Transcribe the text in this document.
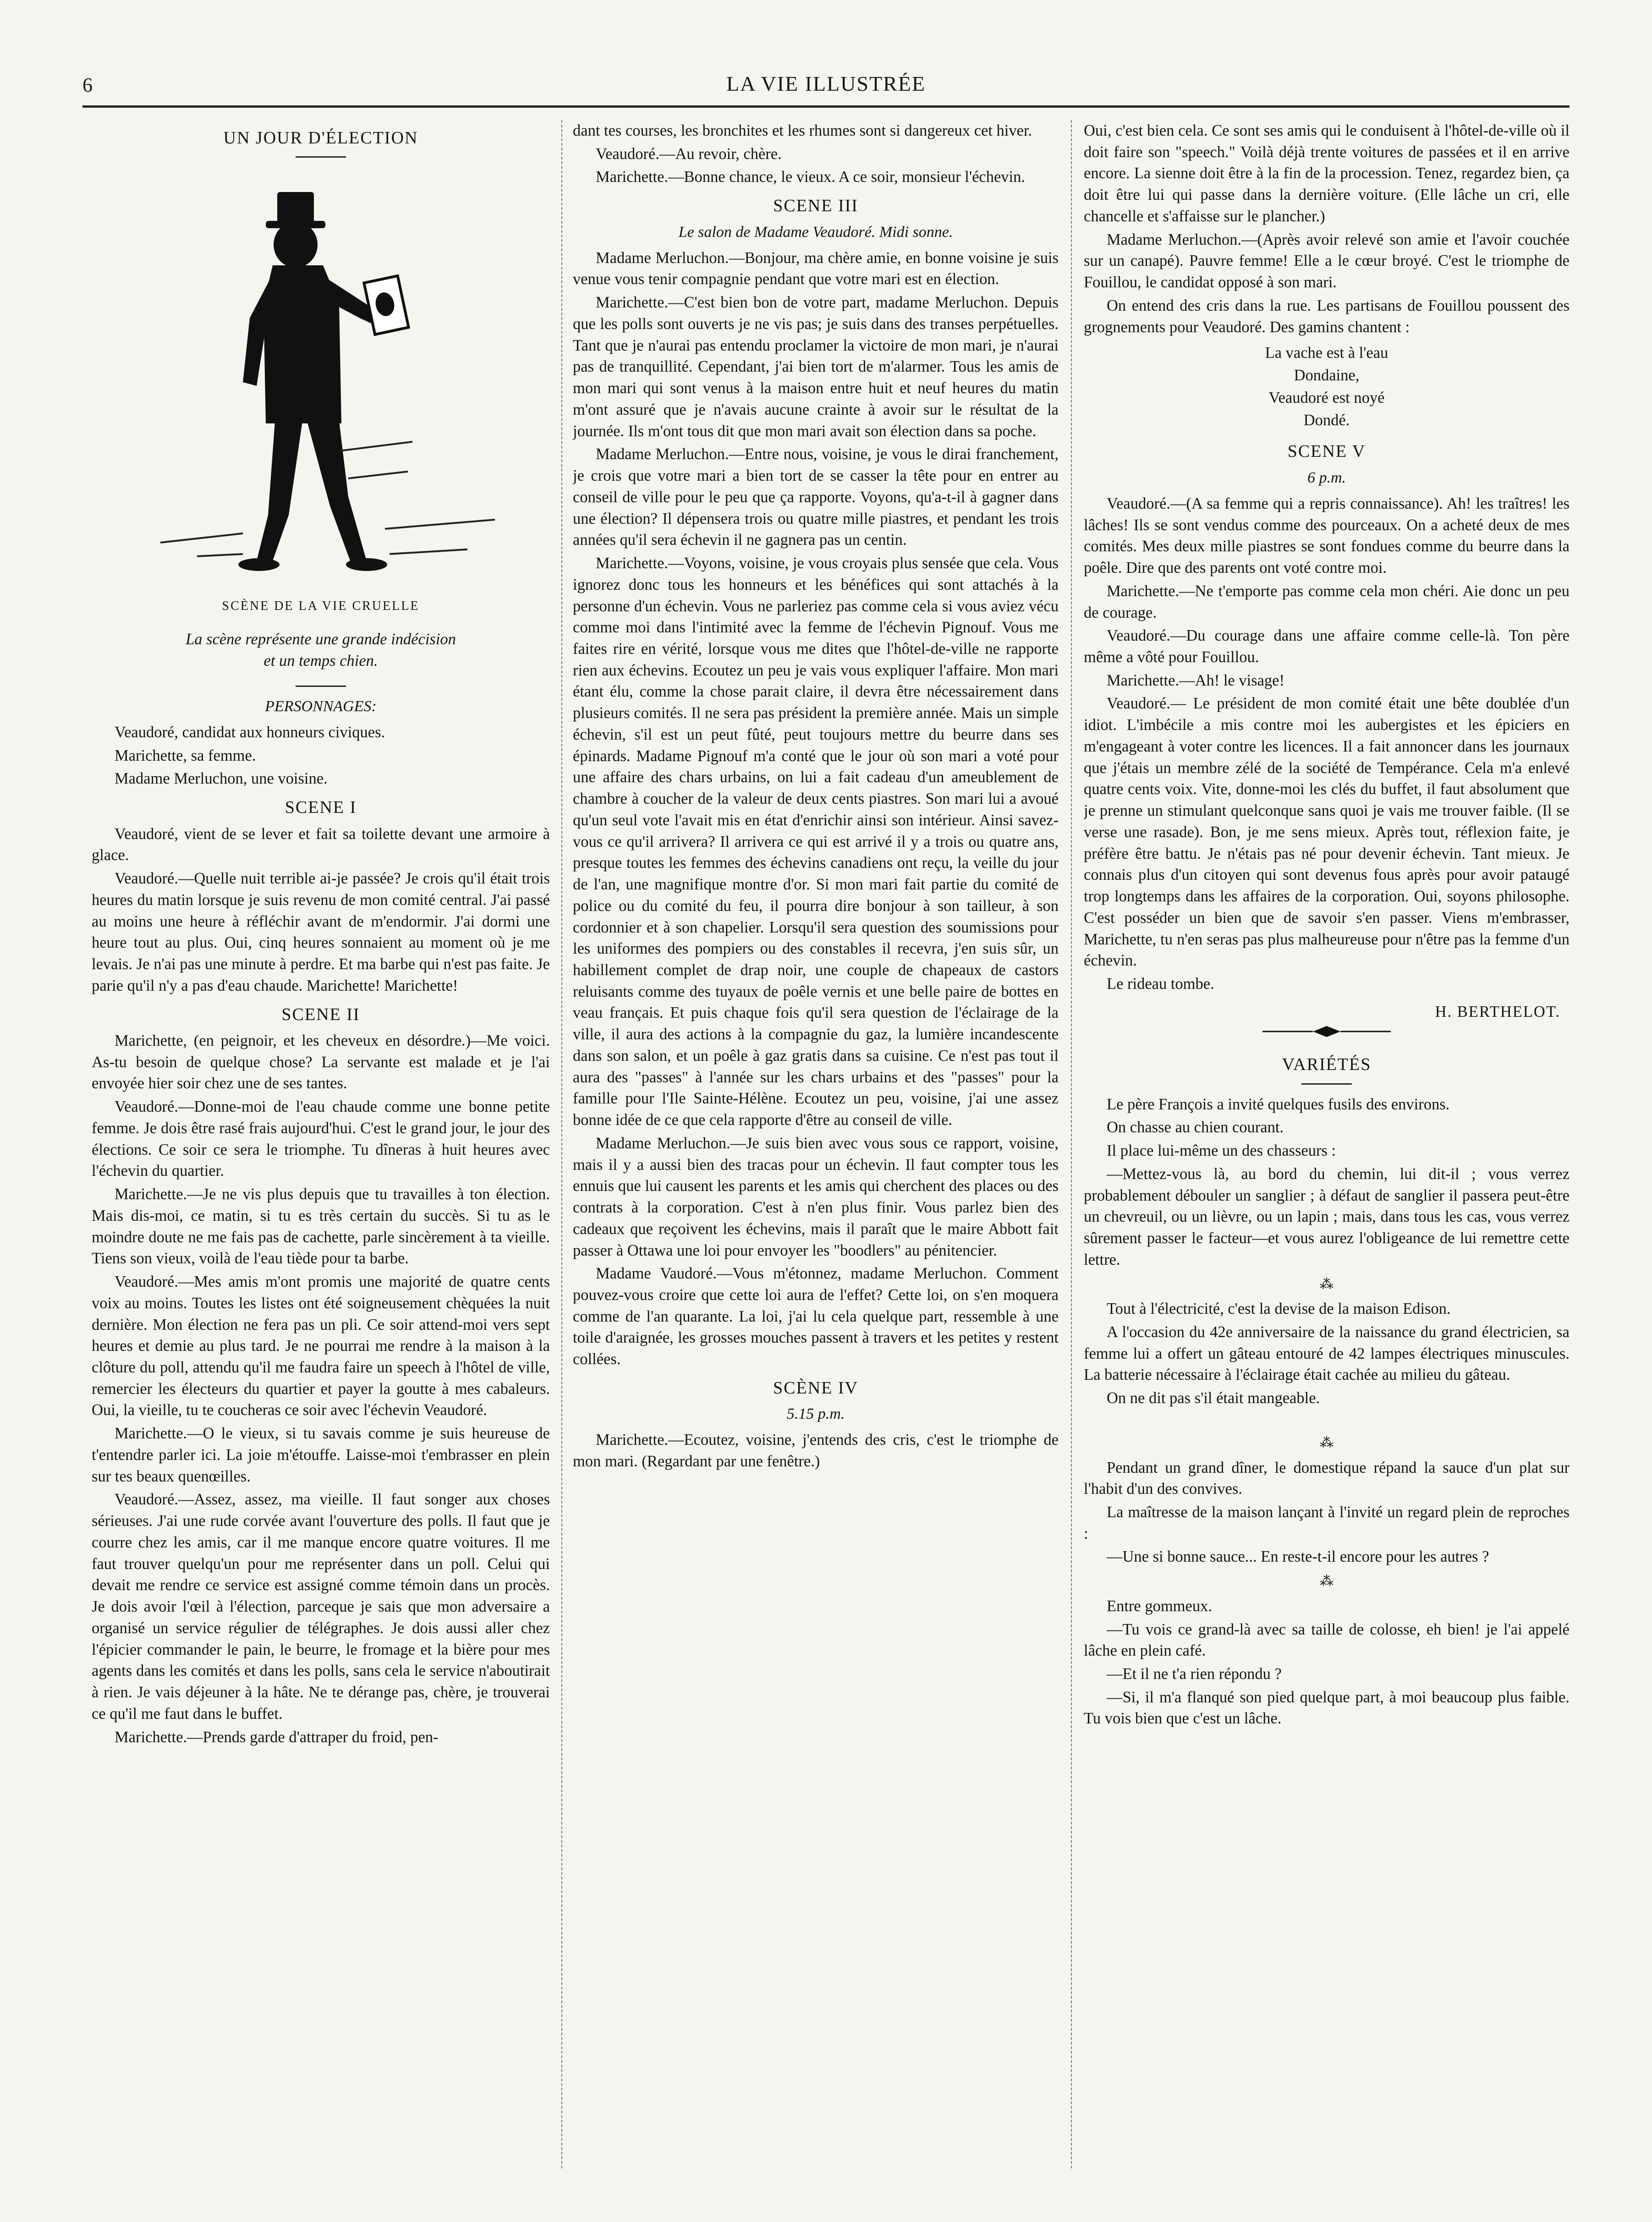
6	LA VIE ILLUSTRÉE
UN JOUR D'ÉLECTION
SCÈNE DE LA VIE CRUELLE
La scène représente une grande indécision
et un temps chien.
PERSONNAGES:

Veaudoré, candidat aux honneurs civiques.

Marichette, sa femme.

Madame Merluchon, une voisine.

SCENE I

Veaudoré, vient de se lever et fait sa toilette devant une armoire à glace.

Veaudoré.—Quelle nuit terrible ai-je passée? Je crois qu'il était trois heures du matin lorsque je suis revenu de mon comité central. J'ai passé au moins une heure à réfléchir avant de m'endormir. J'ai dormi une heure tout au plus. Oui, cinq heures sonnaient au moment où je me levais. Je n'ai pas une minute à perdre. Et ma barbe qui n'est pas faite. Je parie qu'il n'y a pas d'eau chaude. Marichette! Marichette!

SCENE II

Marichette, (en peignoir, et les cheveux en désordre.)—Me voici. As-tu besoin de quelque chose? La servante est malade et je l'ai envoyée hier soir chez une de ses tantes.

Veaudoré.—Donne-moi de l'eau chaude comme une bonne petite femme. Je dois être rasé frais aujourd'hui. C'est le grand jour, le jour des élections. Ce soir ce sera le triomphe. Tu dîneras à huit heures avec l'échevin du quartier.

Marichette.—Je ne vis plus depuis que tu travailles à ton élection. Mais dis-moi, ce matin, si tu es très certain du succès. Si tu as le moindre doute ne me fais pas de cachette, parle sincèrement à ta vieille. Tiens son vieux, voilà de l'eau tiède pour ta barbe.

Veaudoré.—Mes amis m'ont promis une majorité de quatre cents voix au moins. Toutes les listes ont été soigneusement chèquées la nuit dernière. Mon élection ne fera pas un pli. Ce soir attend-moi vers sept heures et demie au plus tard. Je ne pourrai me rendre à la maison à la clôture du poll, attendu qu'il me faudra faire un speech à l'hôtel de ville, remercier les électeurs du quartier et payer la goutte à mes cabaleurs. Oui, la vieille, tu te coucheras ce soir avec l'échevin Veaudoré.

Marichette.—O le vieux, si tu savais comme je suis heureuse de t'entendre parler ici. La joie m'étouffe. Laisse-moi t'embrasser en plein sur tes beaux quenœilles.

Veaudoré.—Assez, assez, ma vieille. Il faut songer aux choses sérieuses. J'ai une rude corvée avant l'ouverture des polls. Il faut que je courre chez les amis, car il me manque encore quatre voitures. Il me faut trouver quelqu'un pour me représenter dans un poll. Celui qui devait me rendre ce service est assigné comme témoin dans un procès. Je dois avoir l'œil à l'élection, parceque je sais que mon adversaire a organisé un service régulier de télégraphes. Je dois aussi aller chez l'épicier commander le pain, le beurre, le fromage et la bière pour mes agents dans les comités et dans les polls, sans cela le service n'aboutirait à rien. Je vais déjeuner à la hâte. Ne te dérange pas, chère, je trouverai ce qu'il me faut dans le buffet.

Marichette.—Prends garde d'attraper du froid, pen-

dant tes courses, les bronchites et les rhumes sont si dangereux cet hiver.

Veaudoré.—Au revoir, chère.

Marichette.—Bonne chance, le vieux. A ce soir, monsieur l'échevin.

SCENE III
Le salon de Madame Veaudoré. Midi sonne.

Madame Merluchon.—Bonjour, ma chère amie, en bonne voisine je suis venue vous tenir compagnie pendant que votre mari est en élection.

Marichette.—C'est bien bon de votre part, madame Merluchon. Depuis que les polls sont ouverts je ne vis pas; je suis dans des transes perpétuelles. Tant que je n'aurai pas entendu proclamer la victoire de mon mari, je n'aurai pas de tranquillité. Cependant, j'ai bien tort de m'alarmer. Tous les amis de mon mari qui sont venus à la maison entre huit et neuf heures du matin m'ont assuré que je n'avais aucune crainte à avoir sur le résultat de la journée. Ils m'ont tous dit que mon mari avait son élection dans sa poche.

Madame Merluchon.—Entre nous, voisine, je vous le dirai franchement, je crois que votre mari a bien tort de se casser la tête pour en entrer au conseil de ville pour le peu que ça rapporte. Voyons, qu'a-t-il à gagner dans une élection? Il dépensera trois ou quatre mille piastres, et pendant les trois années qu'il sera échevin il ne gagnera pas un centin.

Marichette.—Voyons, voisine, je vous croyais plus sensée que cela. Vous ignorez donc tous les honneurs et les bénéfices qui sont attachés à la personne d'un échevin. Vous ne parleriez pas comme cela si vous aviez vécu comme moi dans l'intimité avec la femme de l'échevin Pignouf. Vous me faites rire en vérité, lorsque vous me dites que l'hôtel-de-ville ne rapporte rien aux échevins. Ecoutez un peu je vais vous expliquer l'affaire. Mon mari étant élu, comme la chose parait claire, il devra être nécessairement dans plusieurs comités. Il ne sera pas président la première année. Mais un simple échevin, s'il est un peut fûté, peut toujours mettre du beurre dans ses épinards. Madame Pignouf m'a conté que le jour où son mari a voté pour une affaire des chars urbains, on lui a fait cadeau d'un ameublement de chambre à coucher de la valeur de deux cents piastres. Son mari lui a avoué qu'un seul vote l'avait mis en état d'enrichir ainsi son intérieur. Ainsi savez-vous ce qu'il arrivera? Il arrivera ce qui est arrivé il y a trois ou quatre ans, presque toutes les femmes des échevins canadiens ont reçu, la veille du jour de l'an, une magnifique montre d'or. Si mon mari fait partie du comité de police ou du comité du feu, il pourra dire bonjour à son tailleur, à son cordonnier et à son chapelier. Lorsqu'il sera question des soumissions pour les uniformes des pompiers ou des constables il recevra, j'en suis sûr, un habillement complet de drap noir, une couple de chapeaux de castors reluisants comme des tuyaux de poêle vernis et une belle paire de bottes en veau français. Et puis chaque fois qu'il sera question de l'éclairage de la ville, il aura des actions à la compagnie du gaz, la lumière incandescente dans son salon, et un poêle à gaz gratis dans sa cuisine. Ce n'est pas tout il aura des "passes" à l'année sur les chars urbains et des "passes" pour la famille pour l'Ile Sainte-Hélène. Ecoutez un peu, voisine, j'ai une assez bonne idée de ce que cela rapporte d'être au conseil de ville.

Madame Merluchon.—Je suis bien avec vous sous ce rapport, voisine, mais il y a aussi bien des tracas pour un échevin. Il faut compter tous les ennuis que lui causent les parents et les amis qui cherchent des places ou des contrats à la corporation. C'est à n'en plus finir. Vous parlez bien des cadeaux que reçoivent les échevins, mais il paraît que le maire Abbott fait passer à Ottawa une loi pour envoyer les "boodlers" au pénitencier.

Madame Vaudoré.—Vous m'étonnez, madame Merluchon. Comment pouvez-vous croire que cette loi aura de l'effet? Cette loi, on s'en moquera comme de l'an quarante. La loi, j'ai lu cela quelque part, ressemble à une toile d'araignée, les grosses mouches passent à travers et les petites y restent collées.

SCÈNE IV
5.15 p.m.

Marichette.—Ecoutez, voisine, j'entends des cris, c'est le triomphe de mon mari. (Regardant par une fenêtre.)

Oui, c'est bien cela. Ce sont ses amis qui le conduisent à l'hôtel-de-ville où il doit faire son "speech." Voilà déjà trente voitures de passées et il en arrive encore. La sienne doit être à la fin de la procession. Tenez, regardez bien, ça doit être lui qui passe dans la dernière voiture. (Elle lâche un cri, elle chancelle et s'affaisse sur le plancher.)

Madame Merluchon.—(Après avoir relevé son amie et l'avoir couchée sur un canapé). Pauvre femme! Elle a le cœur broyé. C'est le triomphe de Fouillou, le candidat opposé à son mari.

On entend des cris dans la rue. Les partisans de Fouillou poussent des grognements pour Veaudoré. Des gamins chantent :

La vache est à l'eau
Dondaine,
Veaudoré est noyé
Dondé.
SCENE V
6 p.m.

Veaudoré.—(A sa femme qui a repris connaissance). Ah! les traîtres! les lâches! Ils se sont vendus comme des pourceaux. On a acheté deux de mes comités. Mes deux mille piastres se sont fondues comme du beurre dans la poêle. Dire que des parents ont voté contre moi.

Marichette.—Ne t'emporte pas comme cela mon chéri. Aie donc un peu de courage.

Veaudoré.—Du courage dans une affaire comme celle-là. Ton père même a vôté pour Fouillou.

Marichette.—Ah! le visage!

Veaudoré.— Le président de mon comité était une bête doublée d'un idiot. L'imbécile a mis contre moi les aubergistes et les épiciers en m'engageant à voter contre les licences. Il a fait annoncer dans les journaux que j'étais un membre zélé de la société de Tempérance. Cela m'a enlevé quatre cents voix. Vite, donne-moi les clés du buffet, il faut absolument que je prenne un stimulant quelconque sans quoi je vais me trouver faible. (Il se verse une rasade). Bon, je me sens mieux. Après tout, réflexion faite, je préfère être battu. Je n'étais pas né pour devenir échevin. Tant mieux. Je connais plus d'un citoyen qui sont devenus fous après pour avoir pataugé trop longtemps dans les affaires de la corporation. Oui, soyons philosophe. C'est posséder un bien que de savoir s'en passer. Viens m'embrasser, Marichette, tu n'en seras pas plus malheureuse pour n'être pas la femme d'un échevin.

Le rideau tombe.

H. BERTHELOT.
VARIÉTÉS

Le père François a invité quelques fusils des environs.

On chasse au chien courant.

Il place lui-même un des chasseurs :

—Mettez-vous là, au bord du chemin, lui dit-il ; vous verrez probablement débouler un sanglier ; à défaut de sanglier il passera peut-être un chevreuil, ou un lièvre, ou un lapin ; mais, dans tous les cas, vous verrez sûrement passer le facteur—et vous aurez l'obligeance de lui remettre cette lettre.

⁂

Tout à l'électricité, c'est la devise de la maison Edison.

A l'occasion du 42e anniversaire de la naissance du grand électricien, sa femme lui a offert un gâteau entouré de 42 lampes électriques minuscules. La batterie nécessaire à l'éclairage était cachée au milieu du gâteau.

On ne dit pas s'il était mangeable.

⁂

Pendant un grand dîner, le domestique répand la sauce d'un plat sur l'habit d'un des convives.

La maîtresse de la maison lançant à l'invité un regard plein de reproches :

—Une si bonne sauce... En reste-t-il encore pour les autres ?

⁂

Entre gommeux.

—Tu vois ce grand-là avec sa taille de colosse, eh bien! je l'ai appelé lâche en plein café.

—Et il ne t'a rien répondu ?

—Si, il m'a flanqué son pied quelque part, à moi beaucoup plus faible. Tu vois bien que c'est un lâche.
